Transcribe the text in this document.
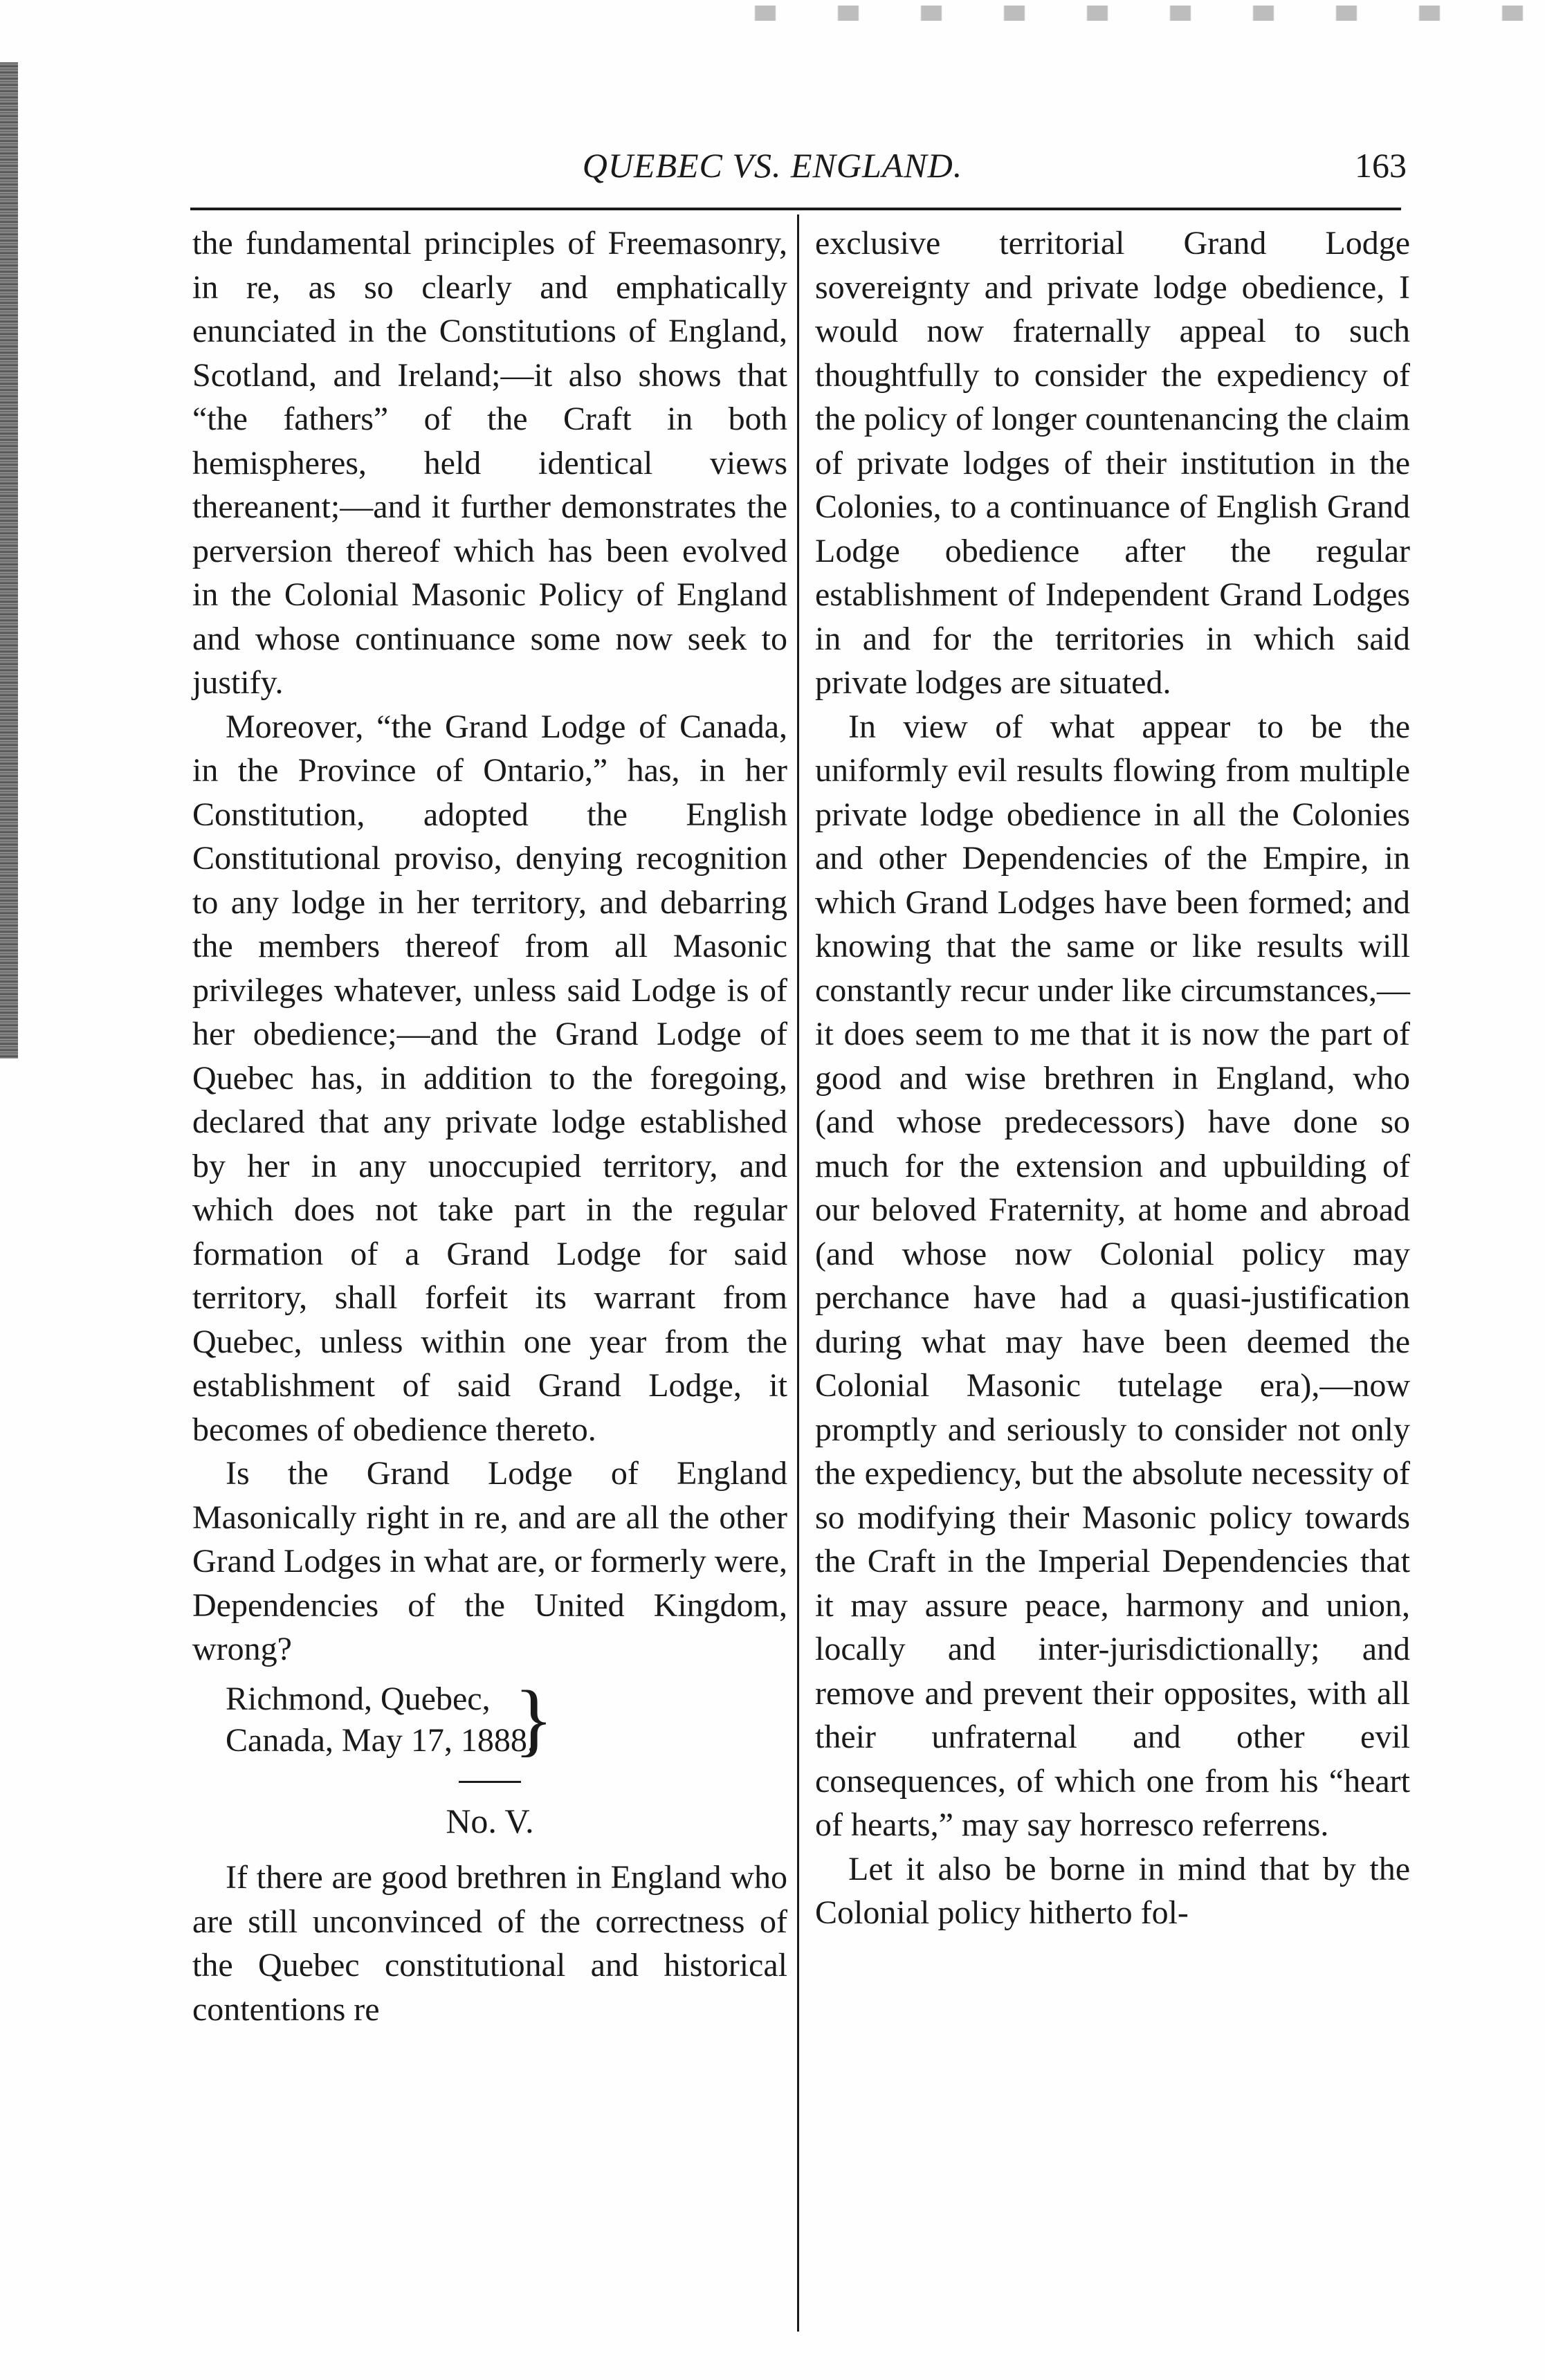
QUEBEC VS. ENGLAND.	163

the fundamental principles of Freemasonry, in re, as so clearly and emphatically enunciated in the Constitutions of England, Scotland, and Ireland;—it also shows that “the fathers” of the Craft in both hemispheres, held identical views thereanent;—and it further demonstrates the perversion thereof which has been evolved in the Colonial Masonic Policy of England and whose continuance some now seek to justify.

Moreover, “the Grand Lodge of Canada, in the Province of Ontario,” has, in her Constitution, adopted the English Constitutional proviso, denying recognition to any lodge in her territory, and debarring the members thereof from all Masonic privileges whatever, unless said Lodge is of her obedience;—and the Grand Lodge of Quebec has, in addition to the foregoing, declared that any private lodge established by her in any unoccupied territory, and which does not take part in the regular formation of a Grand Lodge for said territory, shall forfeit its warrant from Quebec, unless within one year from the establishment of said Grand Lodge, it becomes of obedience thereto.

Is the Grand Lodge of England Masonically right in re, and are all the other Grand Lodges in what are, or formerly were, Dependencies of the United Kingdom, wrong?

Richmond, Quebec,
Canada, May 17, 1888.
}
No. V.

If there are good brethren in England who are still unconvinced of the correctness of the Quebec constitutional and historical contentions re

exclusive territorial Grand Lodge sovereignty and private lodge obedience, I would now fraternally appeal to such thoughtfully to consider the expediency of the policy of longer countenancing the claim of private lodges of their institution in the Colonies, to a continuance of English Grand Lodge obedience after the regular establishment of Independent Grand Lodges in and for the territories in which said private lodges are situated.

In view of what appear to be the uniformly evil results flowing from multiple private lodge obedience in all the Colonies and other Dependencies of the Empire, in which Grand Lodges have been formed; and knowing that the same or like results will constantly recur under like circumstances,—it does seem to me that it is now the part of good and wise brethren in England, who (and whose predecessors) have done so much for the extension and upbuilding of our beloved Fraternity, at home and abroad (and whose now Colonial policy may perchance have had a quasi-justification during what may have been deemed the Colonial Masonic tutelage era),—now promptly and seriously to consider not only the expediency, but the absolute necessity of so modifying their Masonic policy towards the Craft in the Imperial Dependencies that it may assure peace, harmony and union, locally and inter-jurisdictionally; and remove and prevent their opposites, with all their unfraternal and other evil consequences, of which one from his “heart of hearts,” may say horresco referrens.

Let it also be borne in mind that by the Colonial policy hitherto fol-
